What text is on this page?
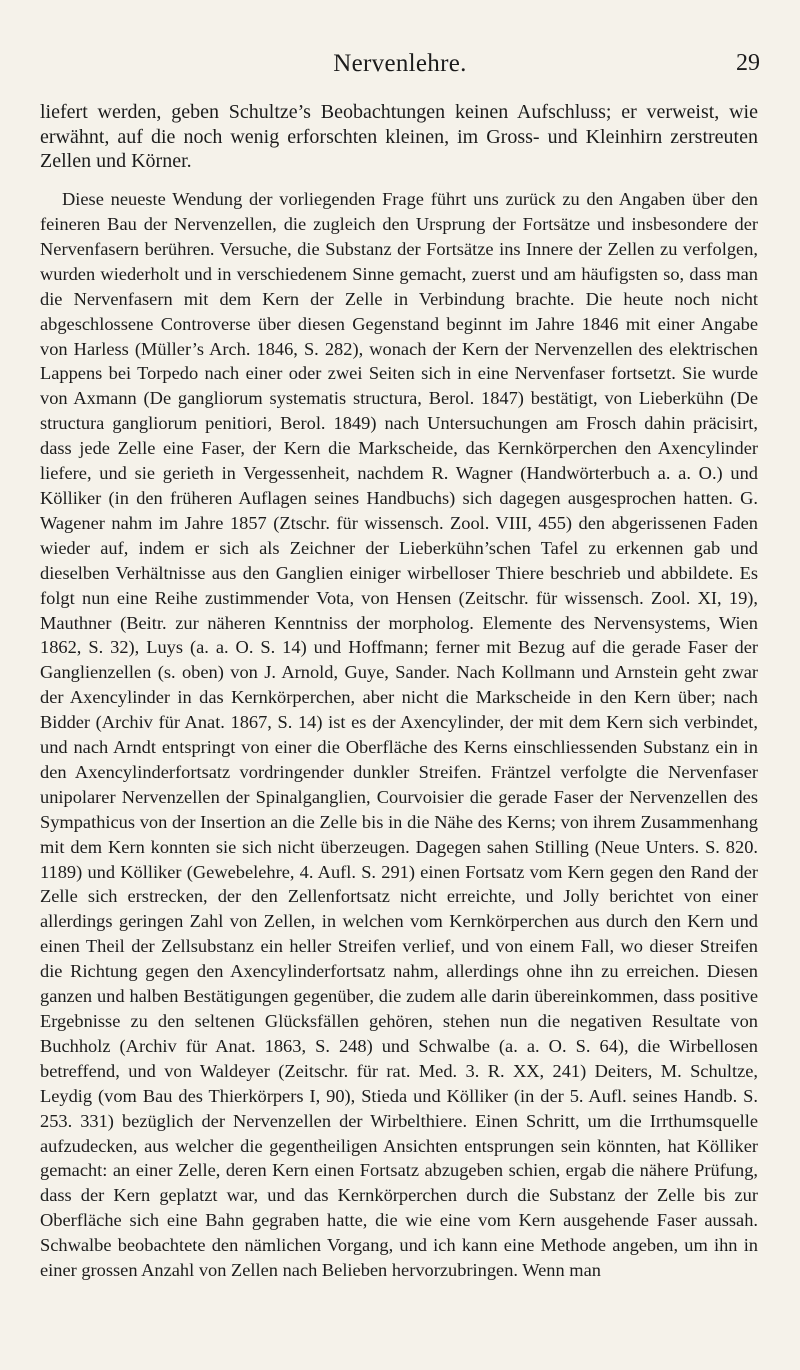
Nervenlehre.	29

liefert werden, geben Schultze’s Beobachtungen keinen Aufschluss; er verweist, wie erwähnt, auf die noch wenig erforschten kleinen, im Gross- und Kleinhirn zerstreuten Zellen und Körner.

Diese neueste Wendung der vorliegenden Frage führt uns zurück zu den Angaben über den feineren Bau der Nervenzellen, die zugleich den Ursprung der Fortsätze und insbesondere der Nervenfasern berühren. Versuche, die Substanz der Fortsätze ins Innere der Zellen zu verfolgen, wurden wiederholt und in verschiedenem Sinne gemacht, zuerst und am häufigsten so, dass man die Nervenfasern mit dem Kern der Zelle in Verbindung brachte. Die heute noch nicht abgeschlossene Controverse über diesen Gegenstand beginnt im Jahre 1846 mit einer Angabe von Harless (Müller’s Arch. 1846, S. 282), wonach der Kern der Nervenzellen des elektrischen Lappens bei Torpedo nach einer oder zwei Seiten sich in eine Nervenfaser fortsetzt. Sie wurde von Axmann (De gangliorum systematis structura, Berol. 1847) bestätigt, von Lieberkühn (De structura gangliorum penitiori, Berol. 1849) nach Untersuchungen am Frosch dahin präcisirt, dass jede Zelle eine Faser, der Kern die Markscheide, das Kernkörperchen den Axencylinder liefere, und sie gerieth in Vergessenheit, nachdem R. Wagner (Handwörterbuch a. a. O.) und Kölliker (in den früheren Auflagen seines Handbuchs) sich dagegen ausgesprochen hatten. G. Wagener nahm im Jahre 1857 (Ztschr. für wissensch. Zool. VIII, 455) den abgerissenen Faden wieder auf, indem er sich als Zeichner der Lieberkühn’schen Tafel zu erkennen gab und dieselben Verhältnisse aus den Ganglien einiger wirbelloser Thiere beschrieb und abbildete. Es folgt nun eine Reihe zustimmender Vota, von Hensen (Zeitschr. für wissensch. Zool. XI, 19), Mauthner (Beitr. zur näheren Kenntniss der morpholog. Elemente des Nervensystems, Wien 1862, S. 32), Luys (a. a. O. S. 14) und Hoffmann; ferner mit Bezug auf die gerade Faser der Ganglienzellen (s. oben) von J. Arnold, Guye, Sander. Nach Kollmann und Arnstein geht zwar der Axencylinder in das Kernkörperchen, aber nicht die Markscheide in den Kern über; nach Bidder (Archiv für Anat. 1867, S. 14) ist es der Axencylinder, der mit dem Kern sich verbindet, und nach Arndt entspringt von einer die Oberfläche des Kerns einschliessenden Substanz ein in den Axencylinderfortsatz vordringender dunkler Streifen. Fräntzel verfolgte die Nervenfaser unipolarer Nervenzellen der Spinalganglien, Courvoisier die gerade Faser der Nervenzellen des Sympathicus von der Insertion an die Zelle bis in die Nähe des Kerns; von ihrem Zusammenhang mit dem Kern konnten sie sich nicht überzeugen. Dagegen sahen Stilling (Neue Unters. S. 820. 1189) und Kölliker (Gewebelehre, 4. Aufl. S. 291) einen Fortsatz vom Kern gegen den Rand der Zelle sich erstrecken, der den Zellenfortsatz nicht erreichte, und Jolly berichtet von einer allerdings geringen Zahl von Zellen, in welchen vom Kernkörperchen aus durch den Kern und einen Theil der Zellsubstanz ein heller Streifen verlief, und von einem Fall, wo dieser Streifen die Richtung gegen den Axencylinderfortsatz nahm, allerdings ohne ihn zu erreichen. Diesen ganzen und halben Bestätigungen gegenüber, die zudem alle darin übereinkommen, dass positive Ergebnisse zu den seltenen Glücksfällen gehören, stehen nun die negativen Resultate von Buchholz (Archiv für Anat. 1863, S. 248) und Schwalbe (a. a. O. S. 64), die Wirbellosen betreffend, und von Waldeyer (Zeitschr. für rat. Med. 3. R. XX, 241) Deiters, M. Schultze, Leydig (vom Bau des Thierkörpers I, 90), Stieda und Kölliker (in der 5. Aufl. seines Handb. S. 253. 331) bezüglich der Nervenzellen der Wirbelthiere. Einen Schritt, um die Irrthumsquelle aufzudecken, aus welcher die gegentheiligen Ansichten entsprungen sein könnten, hat Kölliker gemacht: an einer Zelle, deren Kern einen Fortsatz abzugeben schien, ergab die nähere Prüfung, dass der Kern geplatzt war, und das Kernkörperchen durch die Substanz der Zelle bis zur Oberfläche sich eine Bahn gegraben hatte, die wie eine vom Kern ausgehende Faser aussah. Schwalbe beobachtete den nämlichen Vorgang, und ich kann eine Methode angeben, um ihn in einer grossen Anzahl von Zellen nach Belieben hervorzubringen. Wenn man
